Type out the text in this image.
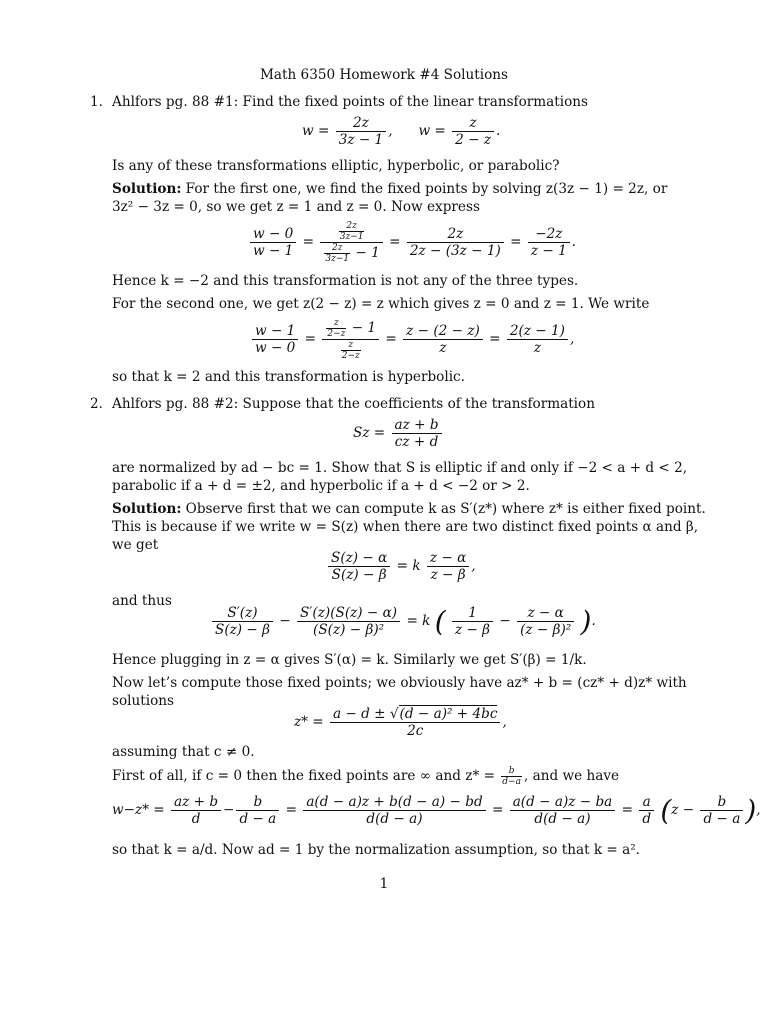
Math 6350 Homework #4 Solutions
1. Ahlfors pg. 88 #1: Find the fixed points of the linear transformations
$w = \frac{2z}{3z - 1}$ , $w = \frac{z}{2 - z}$ .
Is any of these transformations elliptic, hyperbolic, or parabolic?
Solution: For the first one, we find the fixed points by solving z(3z − 1) = 2z, or
3z² − 3z = 0, so we get z = 1 and z = 0. Now express
$\frac{w - 0}{w - 1} = \frac{\frac{2z}{3z-1}}{\frac{2z}{3z-1} - 1} = \frac{2z}{2z - (3z - 1)} = \frac{-2z}{z - 1}$ .
Hence k = −2 and this transformation is not any of the three types.
For the second one, we get z(2 − z) = z which gives z = 0 and z = 1. We write
$\frac{w - 1}{w - 0} = \frac{\frac{z}{2-z} - 1}{\frac{z}{2-z}} = \frac{z - (2 - z)}{z} = \frac{2(z - 1)}{z}$ ,
so that k = 2 and this transformation is hyperbolic.
2. Ahlfors pg. 88 #2: Suppose that the coefficients of the transformation
$Sz = \frac{az + b}{cz + d}$
are normalized by ad − bc = 1. Show that S is elliptic if and only if −2 < a + d < 2,
parabolic if a + d = ±2, and hyperbolic if a + d < −2 or > 2.
Solution: Observe first that we can compute k as S′(z*) where z* is either fixed point.
This is because if we write w = S(z) when there are two distinct fixed points α and β,
we get
$\frac{S(z) - \alpha}{S(z) - \beta} = k \frac{z - \alpha}{z - \beta}$ ,
and thus
$\frac{S'(z)}{S(z) - \beta} - \frac{S'(z)(S(z) - \alpha)}{\text{(S(z) − β)²}} = k$ ( $\frac{1}{z - \beta} - \frac{z - \alpha}{\text{(z − β)²}}$ ).
Hence plugging in z = α gives S′(α) = k. Similarly we get S′(β) = 1/k.
Now let’s compute those fixed points; we obviously have az* + b = (cz* + d)z* with
solutions
$z* = \frac{\text{a − d ± √(d − a)² + 4bc}}{2c}$ ,
assuming that c ≠ 0.
First of all, if c = 0 then the fixed points are ∞ and $z* = \frac{b}{d-a}$ , and we have
$w-z* = \frac{az + b}{d} - \frac{b}{d - a} = \frac{a(d - a)z + b(d - a) - bd}{d(d - a)} = \frac{a(d - a)z - ba}{d(d - a)} = \frac{a}{d} (z - \frac{b}{d - a}$ ),
so that k = a/d. Now ad = 1 by the normalization assumption, so that k = a².
1
